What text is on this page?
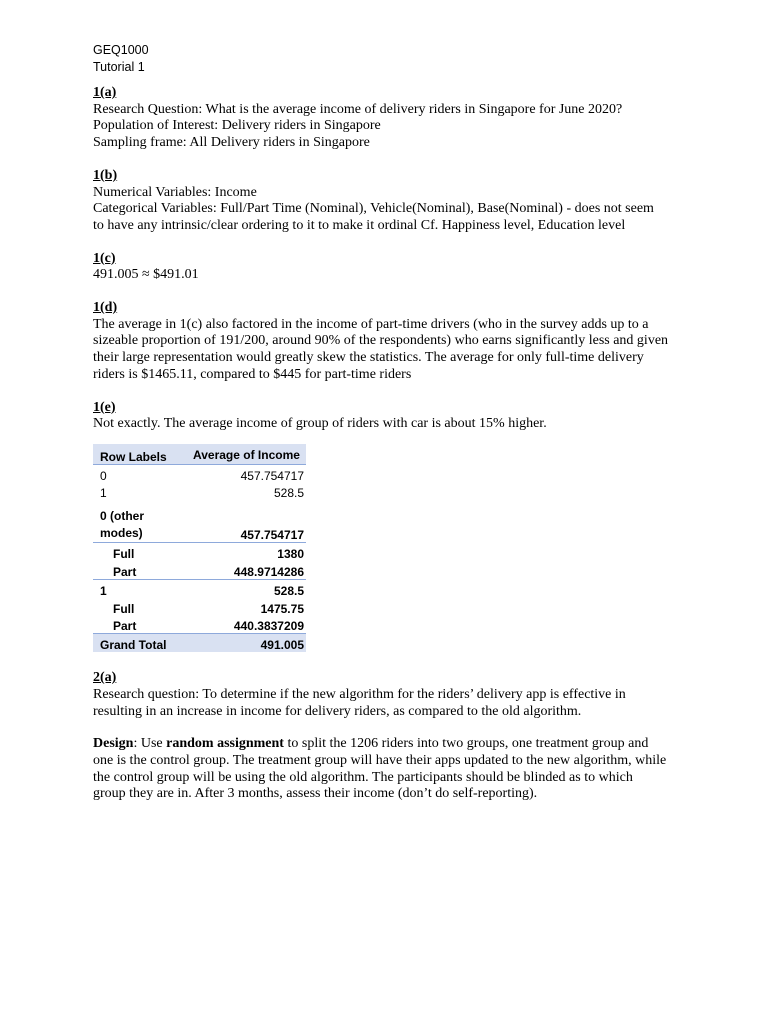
GEQ1000
Tutorial 1
1(a)
Research Question: What is the average income of delivery riders in Singapore for June 2020?
Population of Interest: Delivery riders in Singapore
Sampling frame: All Delivery riders in Singapore
1(b)
Numerical Variables: Income
Categorical Variables: Full/Part Time (Nominal), Vehicle(Nominal), Base(Nominal) - does not seem to have any intrinsic/clear ordering to it to make it ordinal Cf. Happiness level, Education level
1(c)
491.005 ≈ $491.01
1(d)
The average in 1(c) also factored in the income of part-time drivers (who in the survey adds up to a sizeable proportion of 191/200, around 90% of the respondents) who earns significantly less and given their large representation would greatly skew the statistics. The average for only full-time delivery riders is $1465.11, compared to $445 for part-time riders
1(e)
Not exactly. The average income of group of riders with car is about 15% higher.
Row Labels	Average of Income
0	457.754717
1	528.5

0 (other modes)	457.754717
Full	1380
Part	448.9714286
1	528.5
Full	1475.75
Part	440.3837209
Grand Total	491.005
2(a)
Research question: To determine if the new algorithm for the riders’ delivery app is effective in resulting in an increase in income for delivery riders, as compared to the old algorithm.
Design: Use random assignment to split the 1206 riders into two groups, one treatment group and one is the control group. The treatment group will have their apps updated to the new algorithm, while the control group will be using the old algorithm. The participants should be blinded as to which group they are in. After 3 months, assess their income (don’t do self-reporting).
